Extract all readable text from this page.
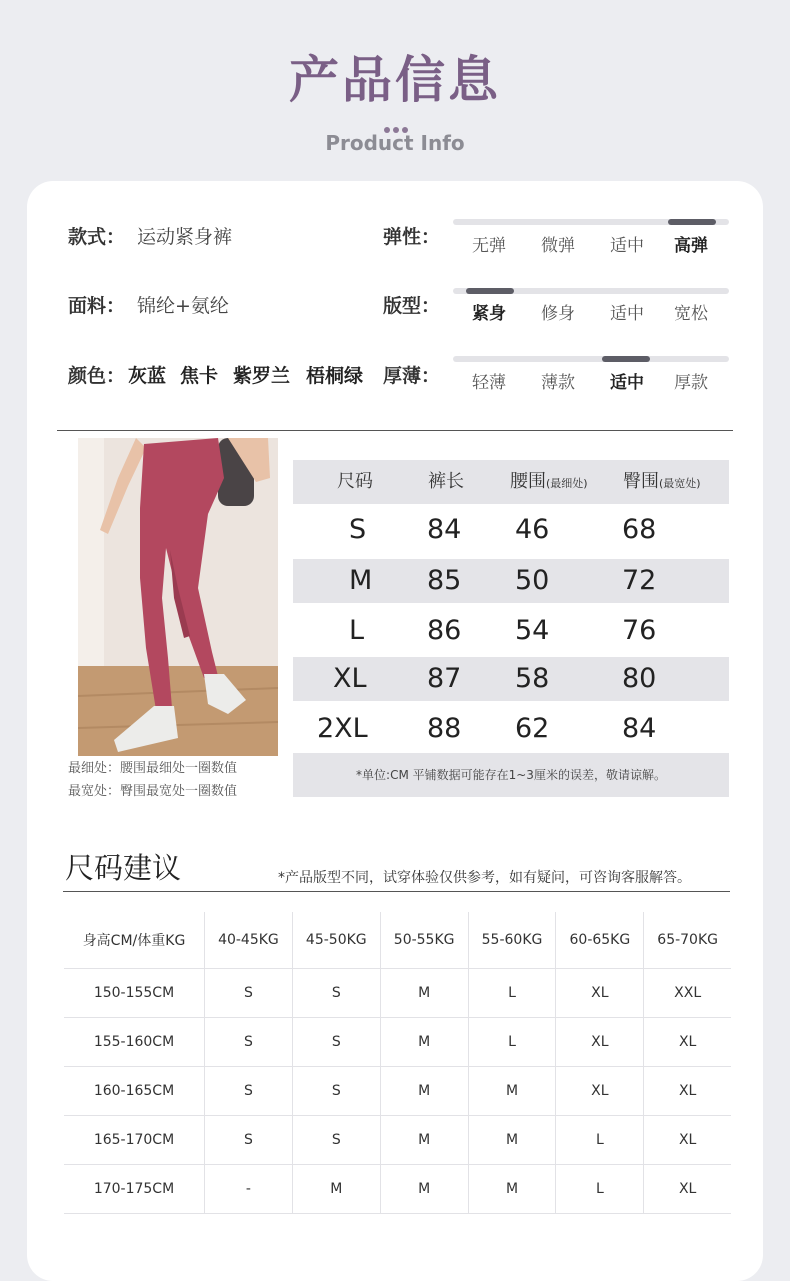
产品信息
Product Info
款式： 运动紧身裤
面料： 锦纶+氨纶
颜色： 灰蓝 焦卡 紫罗兰 梧桐绿
弹性： 无弹 微弹 适中 高弹
版型： 紧身 修身 适中 宽松
厚薄： 轻薄 薄款 适中 厚款
最细处：腰围最细处一圈数值
最宽处：臀围最宽处一圈数值
尺码	裤长	腰围(最细处) 臀围(最宽处)
S 84 46	68
M 85 50	72
L 86 54	76
XL 87 58	80
2XL 88 62	84
*单位:CM 平铺数据可能存在1~3厘米的误差，敬请谅解。
尺码建议	*产品版型不同，试穿体验仅供参考，如有疑问，可咨询客服解答。
身高CM/体重KG	40-45KG	45-50KG	50-55KG	55-60KG	60-65KG	65-70KG
150-155CM	S	S	M	L	XL	XXL
155-160CM	S	S	M	L	XL	XL
160-165CM	S	S	M	M	XL	XL
165-170CM	S	S	M	M	L	XL
170-175CM	-	M	M	M	L	XL
